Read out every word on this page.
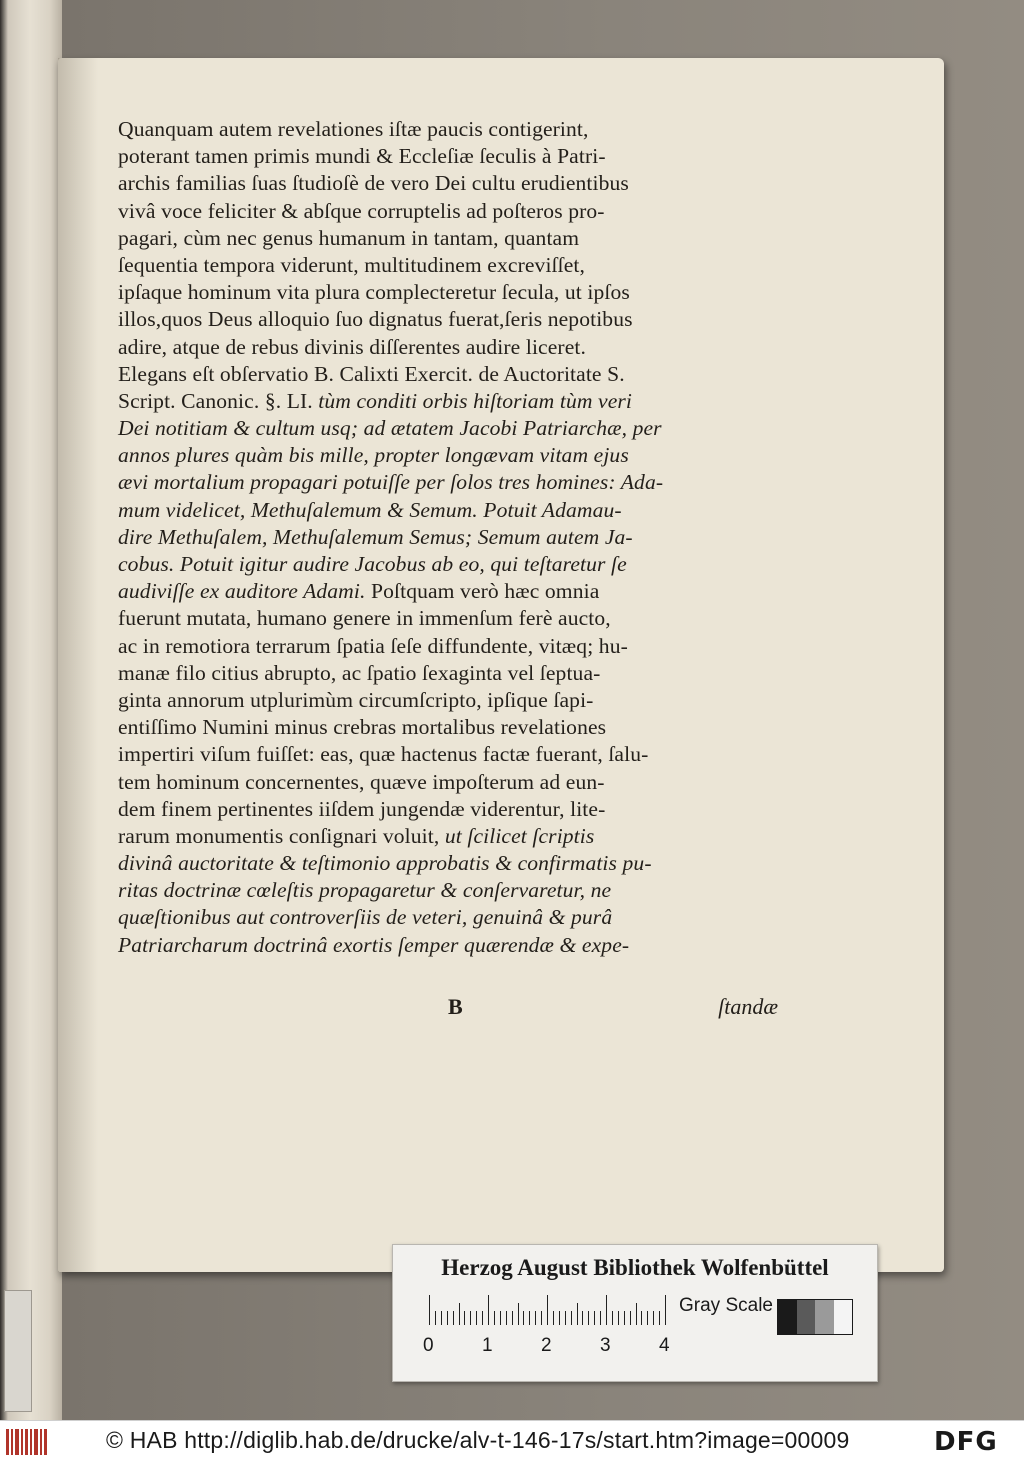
Quanquam autem revelationes iſtæ paucis contigerint,
poterant tamen primis mundi & Eccleſiæ ſeculis à Patri-
archis familias ſuas ſtudioſè de vero Dei cultu erudientibus
vivâ voce feliciter & abſque corruptelis ad poſteros pro-
pagari, cùm nec genus humanum in tantam, quantam
ſequentia tempora viderunt, multitudinem excreviſſet,
ipſaque hominum vita plura complecteretur ſecula, ut ipſos
illos,quos Deus alloquio ſuo dignatus fuerat,ſeris nepotibus
adire, atque de rebus divinis diſſerentes audire liceret.
Elegans eſt obſervatio B. Calixti Exercit. de Auctoritate S.
Script. Canonic. §. LI. tùm conditi orbis hiſtoriam tùm veri
Dei notitiam & cultum usq; ad ætatem Jacobi Patriarchæ, per
annos plures quàm bis mille, propter longævam vitam ejus
ævi mortalium propagari potuiſſe per ſolos tres homines: Ada-
mum videlicet, Methuſalemum & Semum. Potuit Adamau-
dire Methuſalem, Methuſalemum Semus; Semum autem Ja-
cobus. Potuit igitur audire Jacobus ab eo, qui teſtaretur ſe
audiviſſe ex auditore Adami. Poſtquam verò hæc omnia
fuerunt mutata, humano genere in immenſum ferè aucto,
ac in remotiora terrarum ſpatia ſeſe diffundente, vitæq; hu-
manæ filo citius abrupto, ac ſpatio ſexaginta vel ſeptua-
ginta annorum utplurimùm circumſcripto, ipſique ſapi-
entiſſimo Numini minus crebras mortalibus revelationes
impertiri viſum fuiſſet: eas, quæ hactenus factæ fuerant, ſalu-
tem hominum concernentes, quæve impoſterum ad eun-
dem finem pertinentes iiſdem jungendæ viderentur, lite-
rarum monumentis conſignari voluit, ut ſcilicet ſcriptis
divinâ auctoritate & teſtimonio approbatis & confirmatis pu-
ritas doctrinæ cœleſtis propagaretur & conſervaretur, ne
quæſtionibus aut controverſiis de veteri, genuinâ & purâ
Patriarcharum doctrinâ exortis ſemper quærendæ & expe-
B	ſtandæ
Herzog August Bibliothek Wolfenbüttel
0	1	2	3	4
Gray Scale
© HAB http://diglib.hab.de/drucke/alv-t-146-17s/start.htm?image=00009	DFG
